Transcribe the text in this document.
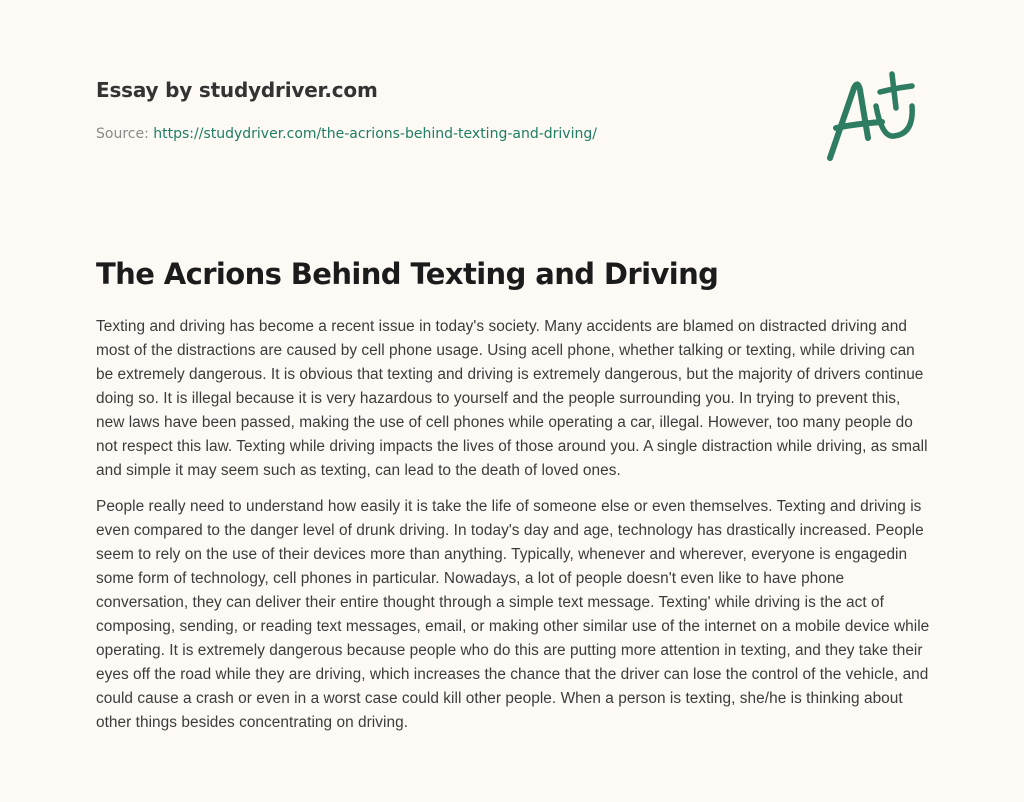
Essay by studydriver.com
Source: https://studydriver.com/the-acrions-behind-texting-and-driving/
The Acrions Behind Texting and Driving

Texting and driving has become a recent issue in today's society. Many accidents are blamed on distracted driving and most of the distractions are caused by cell phone usage. Using acell phone, whether talking or texting, while driving can be extremely dangerous. It is obvious that texting and driving is extremely dangerous, but the majority of drivers continue doing so. It is illegal because it is very hazardous to yourself and the people surrounding you. In trying to prevent this, new laws have been passed, making the use of cell phones while operating a car, illegal. However, too many people do not respect this law. Texting while driving impacts the lives of those around you. A single distraction while driving, as small and simple it may seem such as texting, can lead to the death of loved ones.

People really need to understand how easily it is take the life of someone else or even themselves. Texting and driving is even compared to the danger level of drunk driving. In today's day and age, technology has drastically increased. People seem to rely on the use of their devices more than anything. Typically, whenever and wherever, everyone is engagedin some form of technology, cell phones in particular. Nowadays, a lot of people doesn't even like to have phone conversation, they can deliver their entire thought through a simple text message. Texting' while driving is the act of composing, sending, or reading text messages, email, or making other similar use of the internet on a mobile device while operating. It is extremely dangerous because people who do this are putting more attention in texting, and they take their eyes off the road while they are driving, which increases the chance that the driver can lose the control of the vehicle, and could cause a crash or even in a worst case could kill other people. When a person is texting, she/he is thinking about other things besides concentrating on driving.
